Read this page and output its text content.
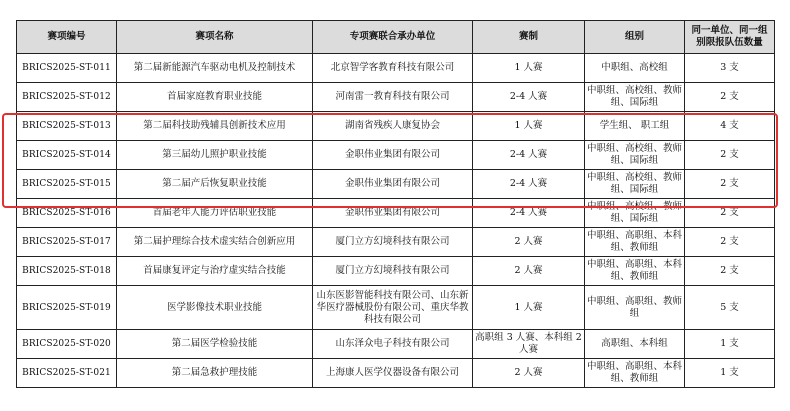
赛项编号	赛项名称	专项赛联合承办单位	赛制	组别	同一单位、同一组别限报队伍数量
BRICS2025-ST-011	第二届新能源汽车驱动电机及控制技术	北京智学客教育科技有限公司	1 人赛	中职组、高校组	3 支
BRICS2025-ST-012	首届家庭教育职业技能	河南雷一教育科技有限公司	2-4 人赛	中职组、高校组、教师组、国际组	2 支
BRICS2025-ST-013	第二届科技助残辅具创新技术应用	湖南省残疾人康复协会	1 人赛	学生组、 职工组	4 支
BRICS2025-ST-014	第三届幼儿照护职业技能	金职伟业集团有限公司	2-4 人赛	中职组、高校组、教师组、国际组	2 支
BRICS2025-ST-015	第二届产后恢复职业技能	金职伟业集团有限公司	2-4 人赛	中职组、高校组、教师组、国际组	2 支
BRICS2025-ST-016	首届老年人能力评估职业技能	金职伟业集团有限公司	2-4 人赛	中职组、高校组、教师组、国际组	2 支
BRICS2025-ST-017	第二届护理综合技术虚实结合创新应用	厦门立方幻境科技有限公司	2 人赛	中职组、高职组、本科组、教师组	2 支
BRICS2025-ST-018	首届康复评定与治疗虚实结合技能	厦门立方幻境科技有限公司	2 人赛	中职组、高职组、本科组、教师组	2 支
BRICS2025-ST-019	医学影像技术职业技能	山东医影智能科技有限公司、山东新华医疗器械股份有限公司、重庆华教科技有限公司	1 人赛	中职组、高职组、教师组	5 支
BRICS2025-ST-020	第二届医学检验技能	山东泽众电子科技有限公司	高职组 3 人赛、本科组 2 人赛	高职组、本科组	1 支
BRICS2025-ST-021	第二届急救护理技能	上海康人医学仪器设备有限公司	2 人赛	中职组、高职组、本科组、教师组	1 支
